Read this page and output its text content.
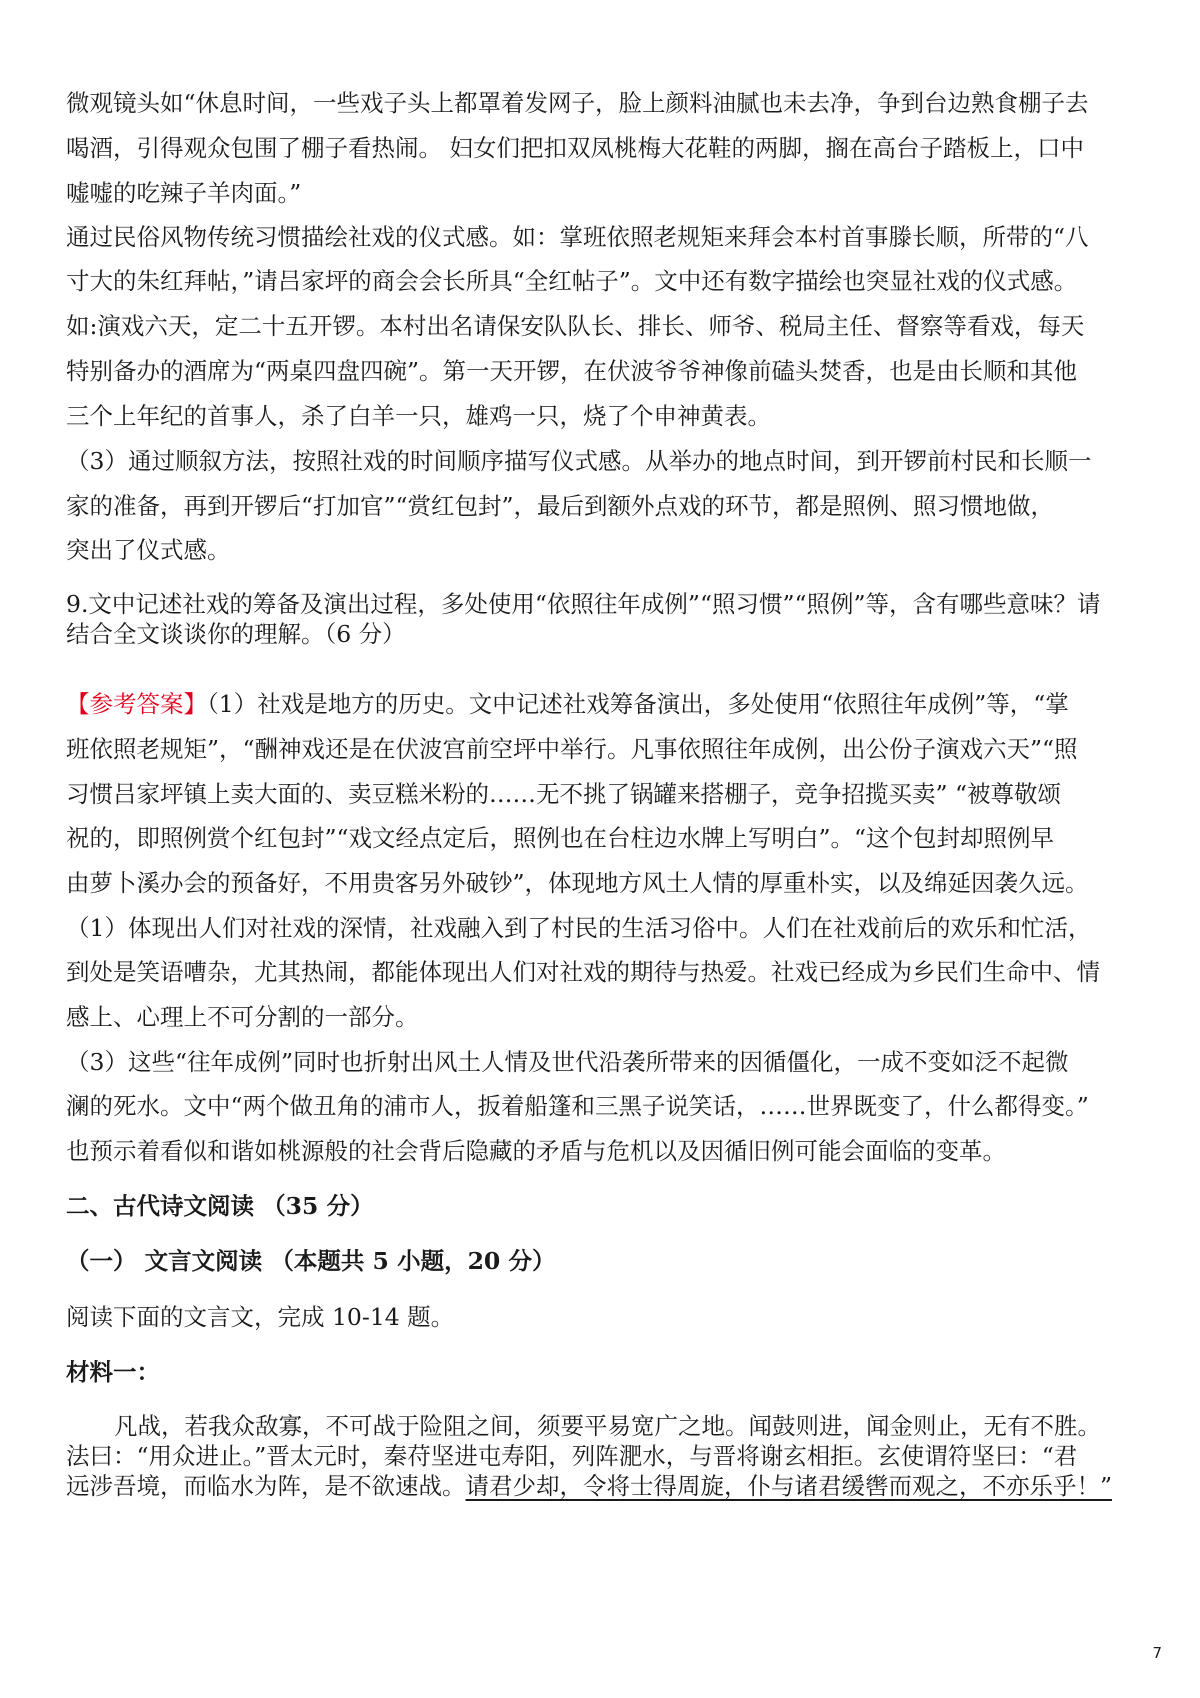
微观镜头如“休息时间，一些戏子头上都罩着发网子，脸上颜料油腻也未去净，争到台边熟食棚子去
喝酒，引得观众包围了棚子看热闹。 妇女们把扣双凤桃梅大花鞋的两脚，搁在高台子踏板上，口中
嘘嘘的吃辣子羊肉面。”
通过民俗风物传统习惯描绘社戏的仪式感。如：掌班依照老规矩来拜会本村首事滕长顺，所带的“八
寸大的朱红拜帖，”请吕家坪的商会会长所具“全红帖子”。文中还有数字描绘也突显社戏的仪式感。
如:演戏六天，定二十五开锣。本村出名请保安队队长、排长、师爷、税局主任、督察等看戏，每天
特别备办的酒席为“两桌四盘四碗”。第一天开锣，在伏波爷爷神像前磕头焚香，也是由长顺和其他
三个上年纪的首事人，杀了白羊一只，雄鸡一只，烧了个申神黄表。
（3）通过顺叙方法，按照社戏的时间顺序描写仪式感。从举办的地点时间，到开锣前村民和长顺一
家的准备，再到开锣后“打加官”“赏红包封”，最后到额外点戏的环节，都是照例、照习惯地做，
突出了仪式感。
9.文中记述社戏的筹备及演出过程，多处使用“依照往年成例”“照习惯”“照例”等，含有哪些意味？请
结合全文谈谈你的理解。（6 分）
【参考答案】（1）社戏是地方的历史。文中记述社戏筹备演出，多处使用“依照往年成例”等，“掌
班依照老规矩”，“酬神戏还是在伏波宫前空坪中举行。凡事依照往年成例，出公份子演戏六天”“照
习惯吕家坪镇上卖大面的、卖豆糕米粉的……无不挑了锅罐来搭棚子，竞争招揽买卖” “被尊敬颂
祝的，即照例赏个红包封”“戏文经点定后，照例也在台柱边水牌上写明白”。“这个包封却照例早
由萝卜溪办会的预备好，不用贵客另外破钞”，体现地方风土人情的厚重朴实，以及绵延因袭久远。
（1）体现出人们对社戏的深情，社戏融入到了村民的生活习俗中。人们在社戏前后的欢乐和忙活，
到处是笑语嘈杂，尤其热闹，都能体现出人们对社戏的期待与热爱。社戏已经成为乡民们生命中、情
感上、心理上不可分割的一部分。
（3）这些“往年成例”同时也折射出风土人情及世代沿袭所带来的因循僵化，一成不变如泛不起微
澜的死水。文中“两个做丑角的浦市人，扳着船篷和三黑子说笑话，……世界既变了，什么都得变。”
也预示着看似和谐如桃源般的社会背后隐藏的矛盾与危机以及因循旧例可能会面临的变革。
二、古代诗文阅读 （35 分）
（一） 文言文阅读 （本题共 5 小题，20 分）
阅读下面的文言文，完成 10-14 题。
材料一：
凡战，若我众敌寡，不可战于险阻之间，须要平易宽广之地。闻鼓则进，闻金则止，无有不胜。
法曰：“用众进止。”晋太元时，秦苻坚进屯寿阳，列阵淝水，与晋将谢玄相拒。玄使谓符坚曰：“君
远涉吾境，而临水为阵，是不欲速战。请君少却，令将士得周旋，仆与诸君缓辔而观之，不亦乐乎！”
7
